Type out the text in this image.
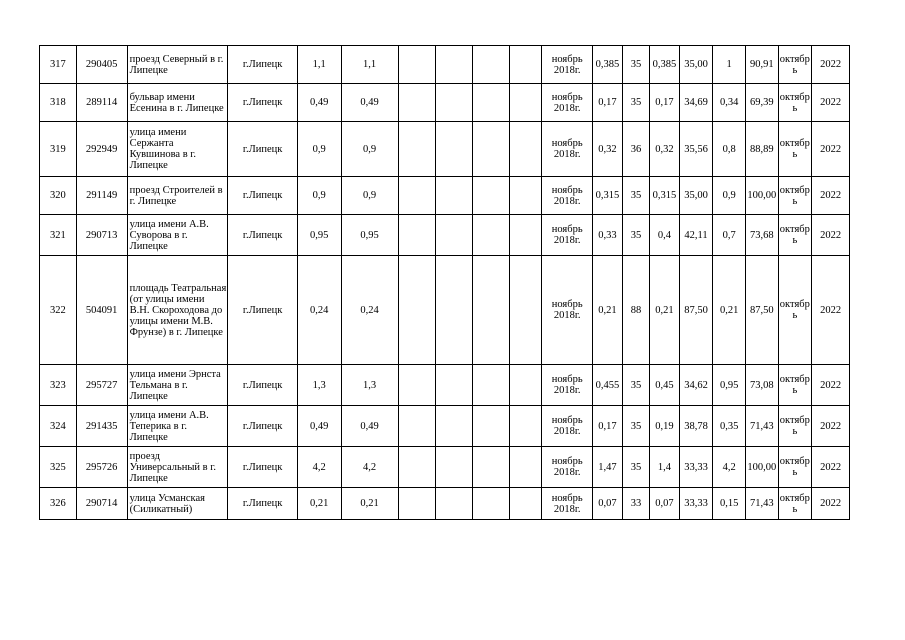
317	290405	проезд Северный в г. Липецке	г.Липецк	1,1	1,1					ноябрь 2018г.	0,385	35	0,385	35,00	1	90,91	октябрь	2022
318	289114	бульвар имени Есенина в г. Липецке	г.Липецк	0,49	0,49					ноябрь 2018г.	0,17	35	0,17	34,69	0,34	69,39	октябрь	2022
319	292949	улица имени Сержанта Кувшинова в г. Липецке	г.Липецк	0,9	0,9					ноябрь 2018г.	0,32	36	0,32	35,56	0,8	88,89	октябрь	2022
320	291149	проезд Строителей в г. Липецке	г.Липецк	0,9	0,9					ноябрь 2018г.	0,315	35	0,315	35,00	0,9	100,00	октябрь	2022
321	290713	улица имени А.В. Суворова в г. Липецке	г.Липецк	0,95	0,95					ноябрь 2018г.	0,33	35	0,4	42,11	0,7	73,68	октябрь	2022
322	504091	площадь Театральная (от улицы имени В.Н. Скороходова до улицы имени М.В. Фрунзе) в г. Липецке	г.Липецк	0,24	0,24					ноябрь 2018г.	0,21	88	0,21	87,50	0,21	87,50	октябрь	2022
323	295727	улица имени Эрнста Тельмана в г. Липецке	г.Липецк	1,3	1,3					ноябрь 2018г.	0,455	35	0,45	34,62	0,95	73,08	октябрь	2022
324	291435	улица имени А.В. Теперика в г. Липецке	г.Липецк	0,49	0,49					ноябрь 2018г.	0,17	35	0,19	38,78	0,35	71,43	октябрь	2022
325	295726	проезд Универсальный в г. Липецке	г.Липецк	4,2	4,2					ноябрь 2018г.	1,47	35	1,4	33,33	4,2	100,00	октябрь	2022
326	290714	улица Усманская (Силикатный)	г.Липецк	0,21	0,21					ноябрь 2018г.	0,07	33	0,07	33,33	0,15	71,43	октябрь	2022
